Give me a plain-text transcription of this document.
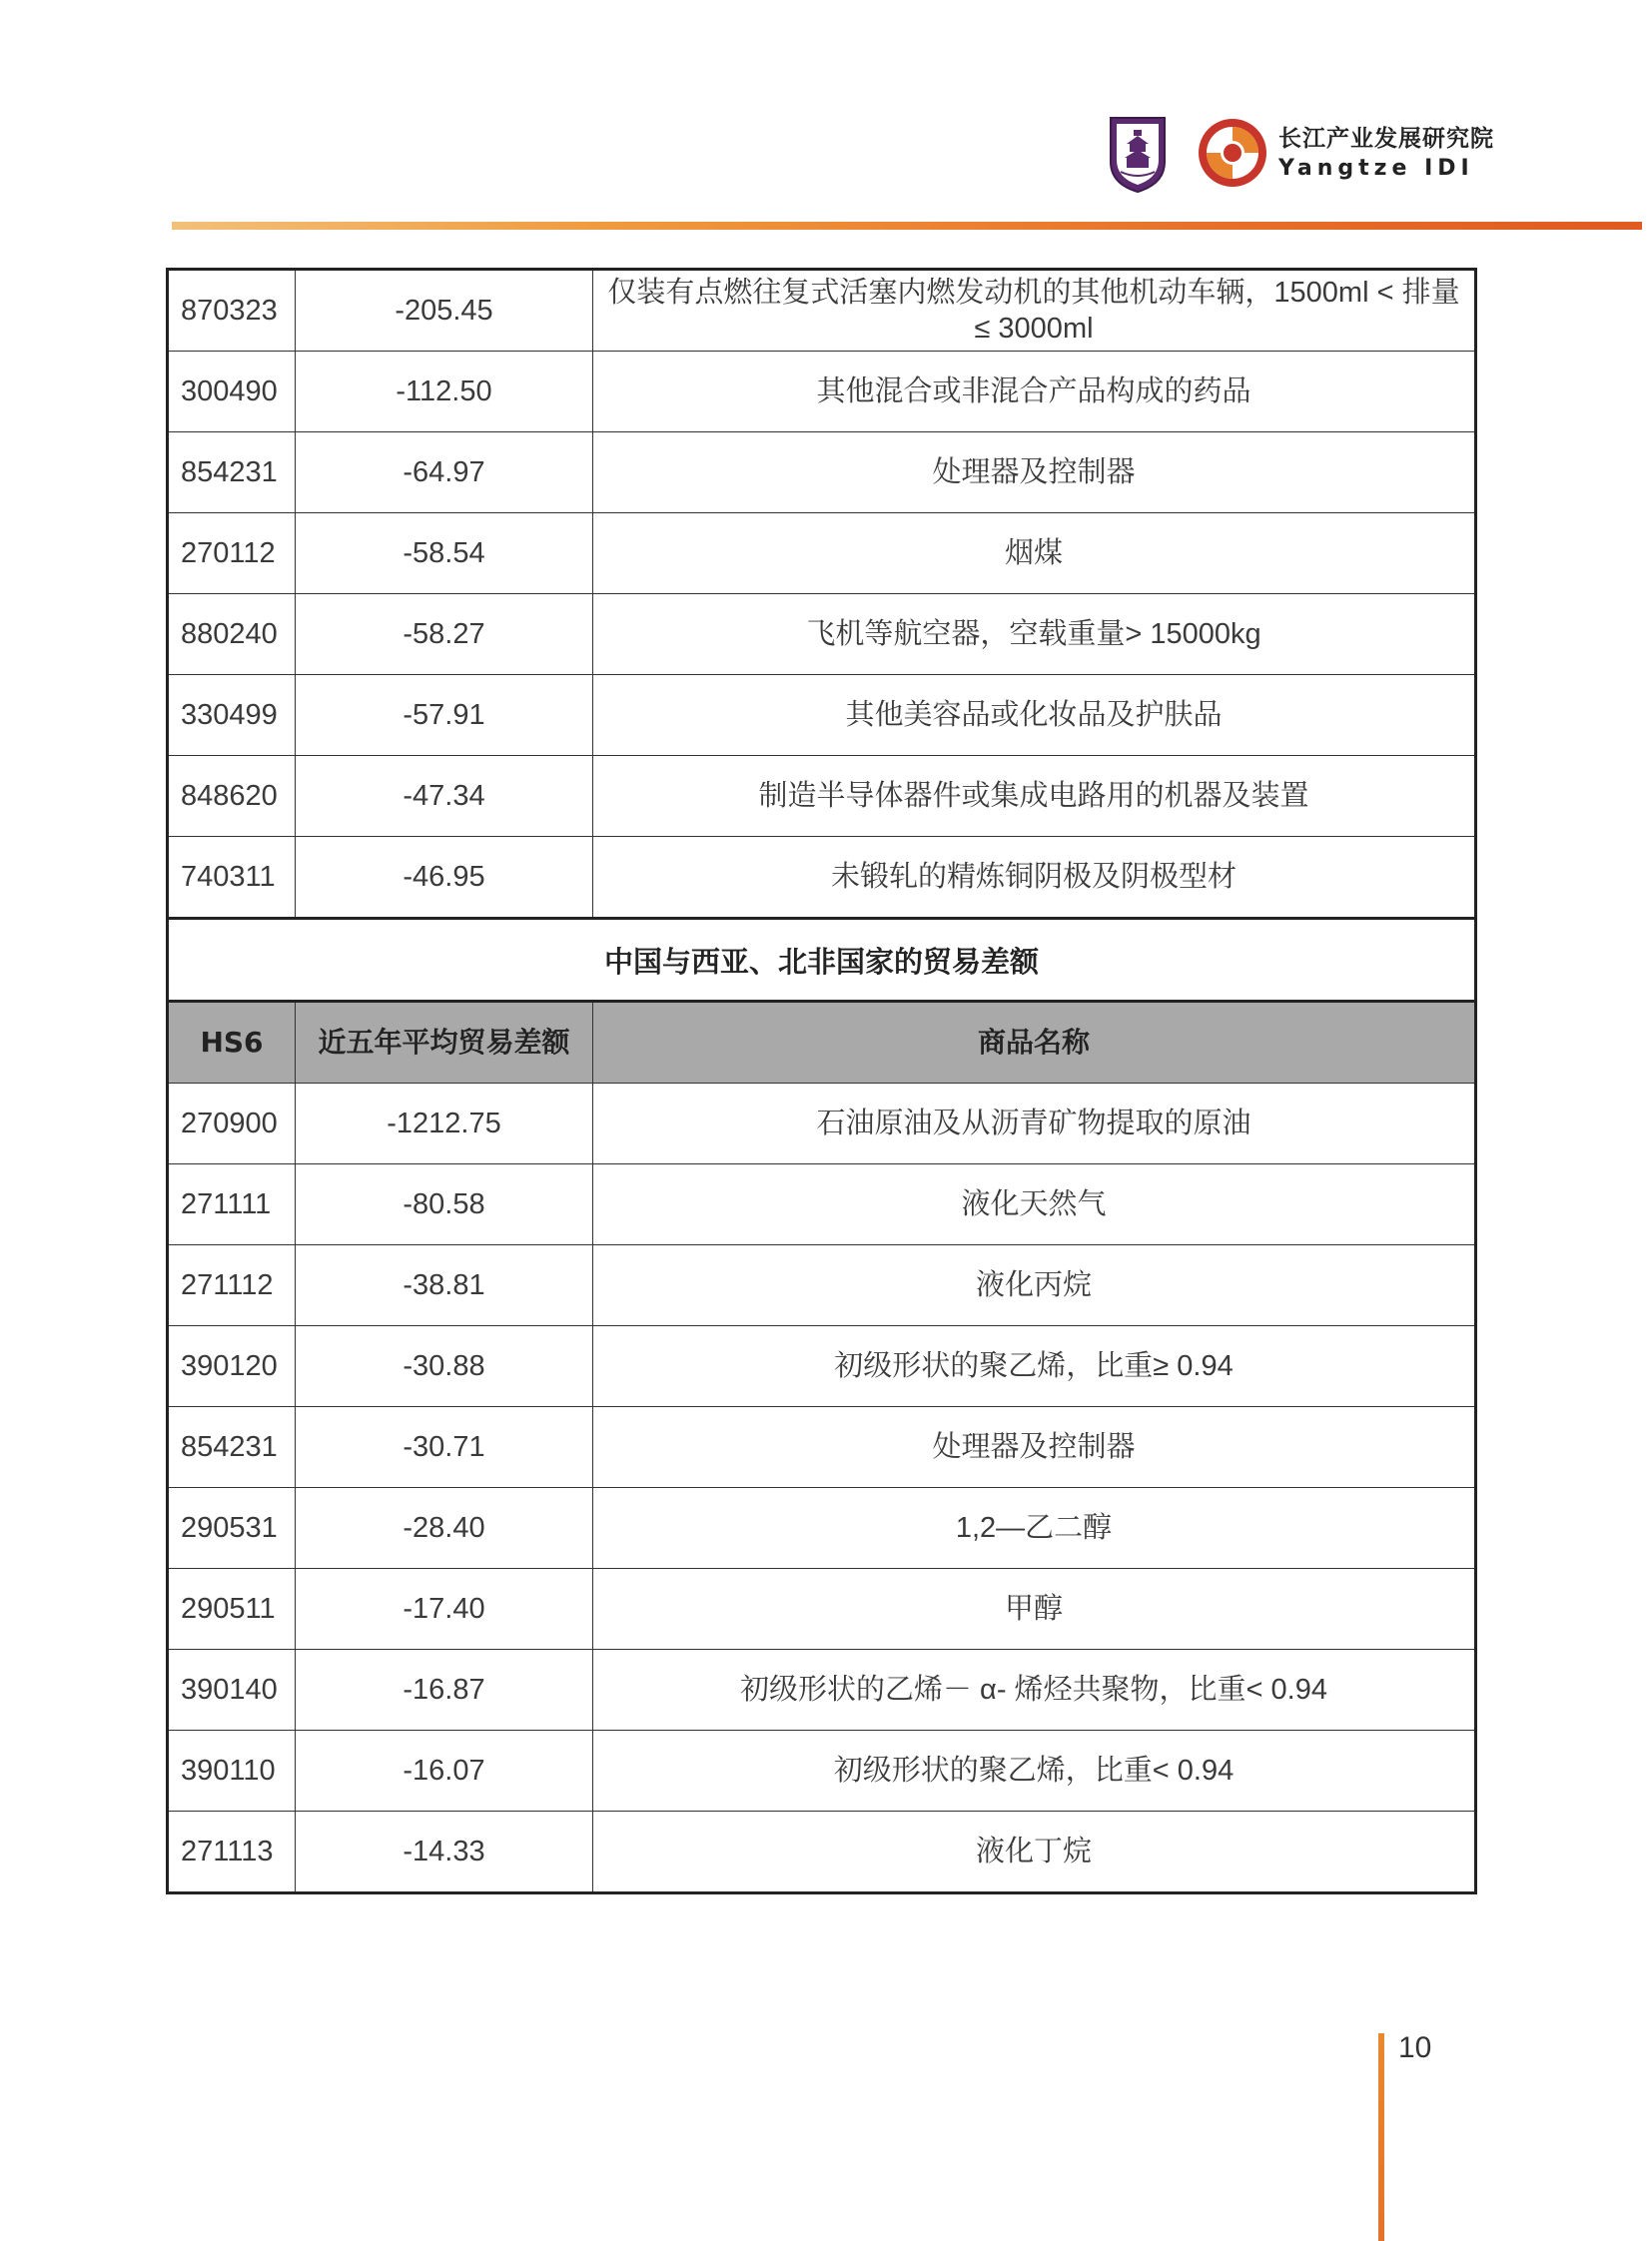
长江产业发展研究院
Yangtze IDI
870323	-205.45	仅装有点燃往复式活塞内燃发动机的其他机动车辆，1500ml < 排量≤ 3000ml
300490	-112.50	其他混合或非混合产品构成的药品
854231	-64.97	处理器及控制器
270112	-58.54	烟煤
880240	-58.27	飞机等航空器，空载重量> 15000kg
330499	-57.91	其他美容品或化妆品及护肤品
848620	-47.34	制造半导体器件或集成电路用的机器及装置
740311	-46.95	未锻轧的精炼铜阴极及阴极型材
中国与西亚、北非国家的贸易差额		
HS6	近五年平均贸易差额	商品名称
270900	-1212.75	石油原油及从沥青矿物提取的原油
271111	-80.58	液化天然气
271112	-38.81	液化丙烷
390120	-30.88	初级形状的聚乙烯，比重≥ 0.94
854231	-30.71	处理器及控制器
290531	-28.40	1,2—乙二醇
290511	-17.40	甲醇
390140	-16.87	初级形状的乙烯－ α- 烯烃共聚物，比重< 0.94
390110	-16.07	初级形状的聚乙烯，比重< 0.94
271113	-14.33	液化丁烷
10
